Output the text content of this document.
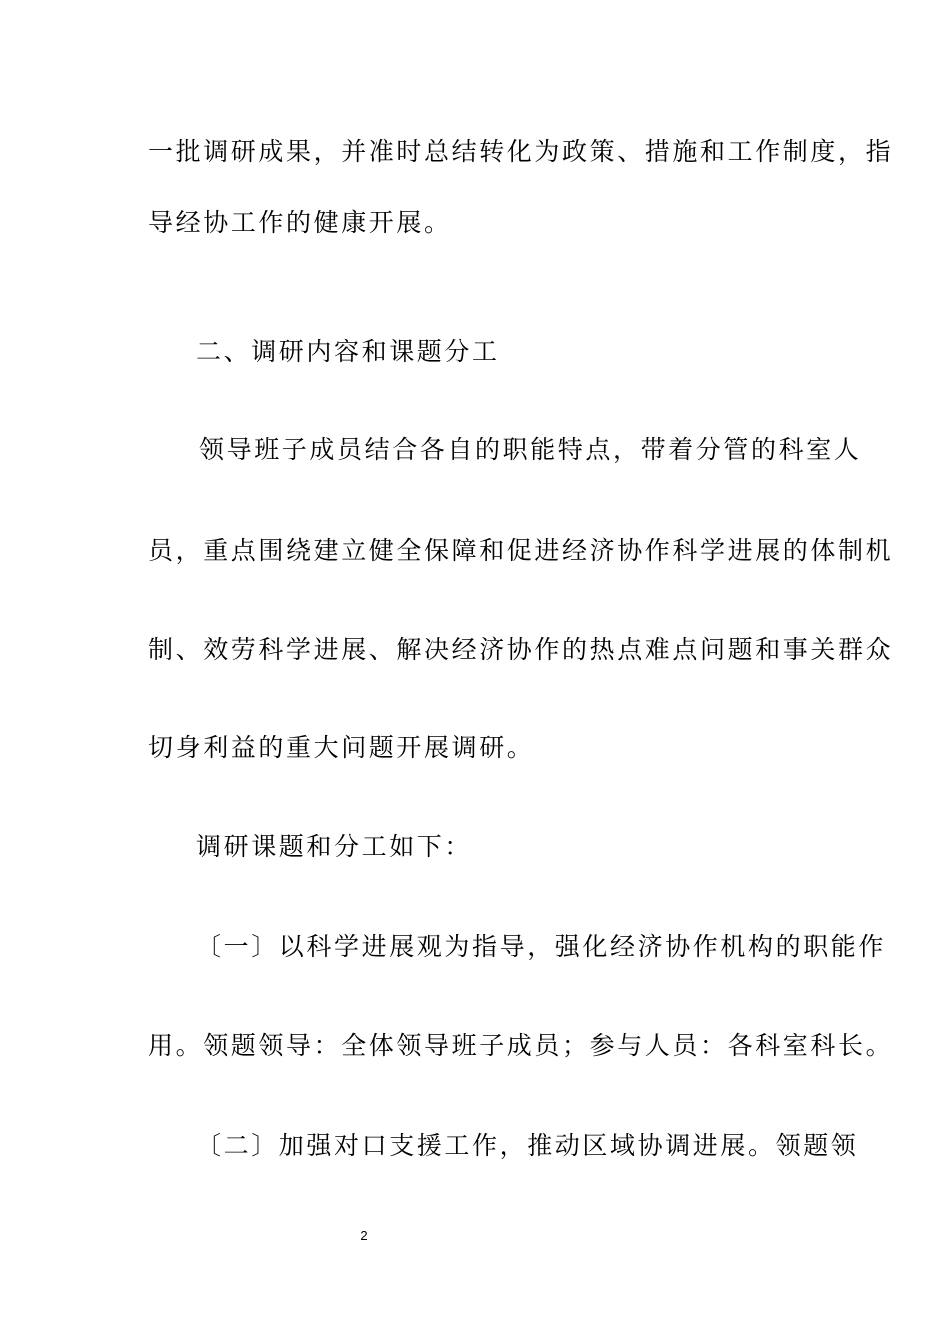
一批调研成果，并准时总结转化为政策、措施和工作制度，指
导经协工作的健康开展。
二、调研内容和课题分工
领导班子成员结合各自的职能特点，带着分管的科室人
员，重点围绕建立健全保障和促进经济协作科学进展的体制机
制、效劳科学进展、解决经济协作的热点难点问题和事关群众
切身利益的重大问题开展调研。
调研课题和分工如下：
〔一〕以科学进展观为指导，强化经济协作机构的职能作
用。领题领导：全体领导班子成员；参与人员：各科室科长。
〔二〕加强对口支援工作，推动区域协调进展。领题领
2
